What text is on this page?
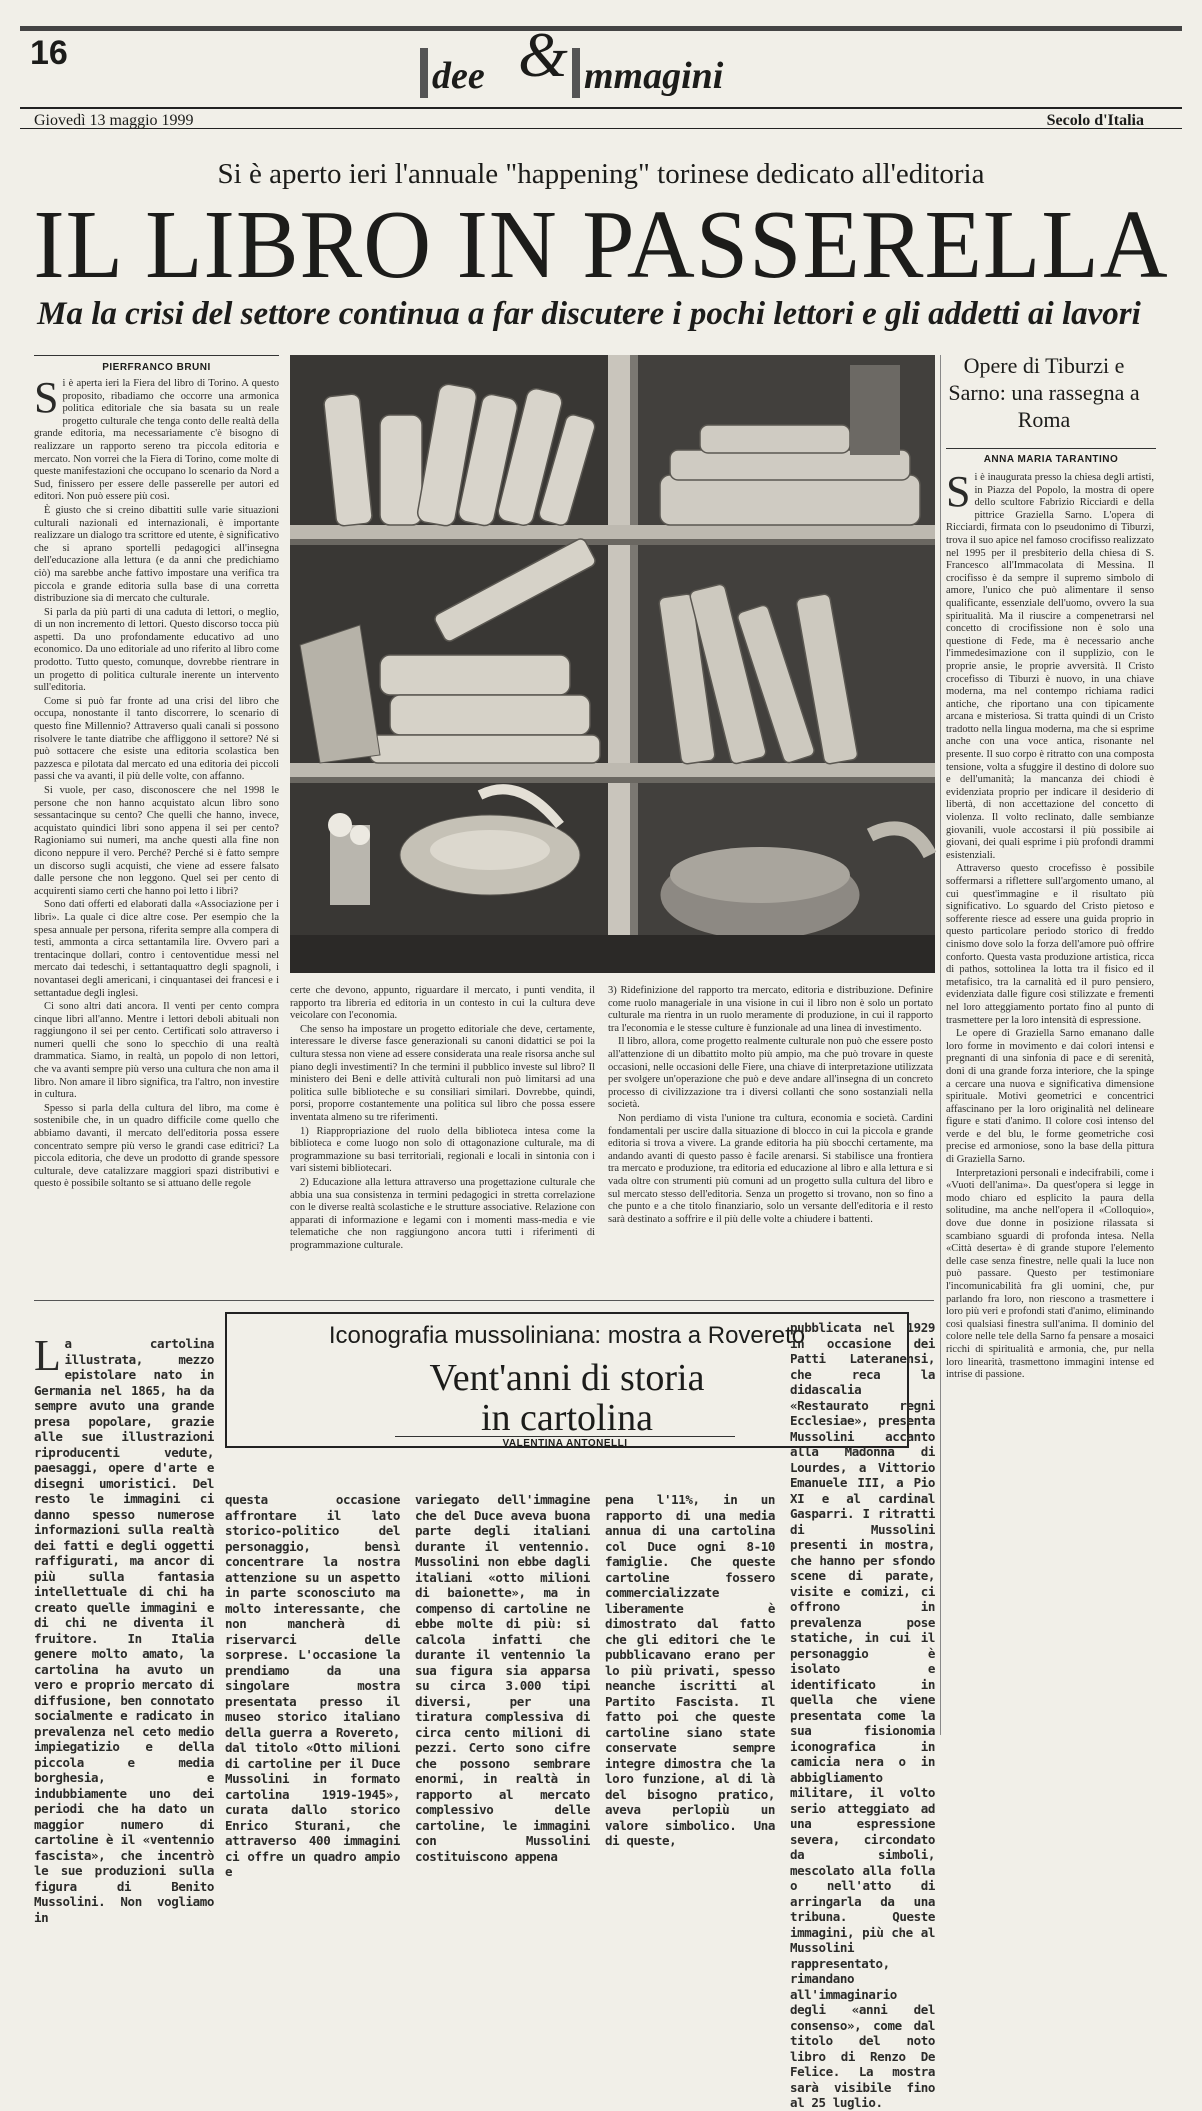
16
dee & mmagini
Giovedì 13 maggio 1999	Secolo d'Italia
Si è aperto ieri l'annuale "happening" torinese dedicato all'editoria
IL LIBRO IN PASSERELLA
Ma la crisi del settore continua a far discutere i pochi lettori e gli addetti ai lavori
PIERFRANCO BRUNI
S i è aperta ieri la Fiera del libro di Torino. A questo proposito, ribadiamo che occorre una armonica politica editoriale che sia basata su un reale progetto culturale che tenga conto delle realtà della grande editoria, ma necessariamente c'è bisogno di realizzare un rapporto sereno tra piccola editoria e mercato. Non vorrei che la Fiera di Torino, come molte di queste manifestazioni che occupano lo scenario da Nord a Sud, finissero per essere delle passerelle per autori ed editori. Non può essere più così.

È giusto che si creino dibattiti sulle varie situazioni culturali nazionali ed internazionali, è importante realizzare un dialogo tra scrittore ed utente, è significativo che si aprano sportelli pedagogici all'insegna dell'educazione alla lettura (e da anni che predichiamo ciò) ma sarebbe anche fattivo impostare una verifica tra piccola e grande editoria sulla base di una corretta distribuzione sia di mercato che culturale.

Si parla da più parti di una caduta di lettori, o meglio, di un non incremento di lettori. Questo discorso tocca più aspetti. Da uno profondamente educativo ad uno economico. Da uno editoriale ad uno riferito al libro come prodotto. Tutto questo, comunque, dovrebbe rientrare in un progetto di politica culturale inerente un intervento sull'editoria.

Come si può far fronte ad una crisi del libro che occupa, nonostante il tanto discorrere, lo scenario di questo fine Millennio? Attraverso quali canali si possono risolvere le tante diatribe che affliggono il settore? Né si può sottacere che esiste una editoria scolastica ben pazzesca e pilotata dal mercato ed una editoria dei piccoli passi che va avanti, il più delle volte, con affanno.

Si vuole, per caso, disconoscere che nel 1998 le persone che non hanno acquistato alcun libro sono sessantacinque su cento? Che quelli che hanno, invece, acquistato quindici libri sono appena il sei per cento? Ragioniamo sui numeri, ma anche questi alla fine non dicono neppure il vero. Perché? Perché si è fatto sempre un discorso sugli acquisti, che viene ad essere falsato dalle persone che non leggono. Quel sei per cento di acquirenti siamo certi che hanno poi letto i libri?

Sono dati offerti ed elaborati dalla «Associazione per i libri». La quale ci dice altre cose. Per esempio che la spesa annuale per persona, riferita sempre alla compera di testi, ammonta a circa settantamila lire. Ovvero pari a trentacinque dollari, contro i centoventidue messi nel mercato dai tedeschi, i settantaquattro degli spagnoli, i novantasei degli americani, i cinquantasei dei francesi e i settantadue degli inglesi.

Ci sono altri dati ancora. Il venti per cento compra cinque libri all'anno. Mentre i lettori deboli abituali non raggiungono il sei per cento. Certificati solo attraverso i numeri quelli che sono lo specchio di una realtà drammatica. Siamo, in realtà, un popolo di non lettori, che va avanti sempre più verso una cultura che non ama il libro. Non amare il libro significa, tra l'altro, non investire in cultura.

Spesso si parla della cultura del libro, ma come è sostenibile che, in un quadro difficile come quello che abbiamo davanti, il mercato dell'editoria possa essere concentrato sempre più verso le grandi case editrici? La piccola editoria, che deve un prodotto di grande spessore culturale, deve catalizzare maggiori spazi distributivi e questo è possibile soltanto se si attuano delle regole

certe che devono, appunto, riguardare il mercato, i punti vendita, il rapporto tra libreria ed editoria in un contesto in cui la cultura deve veicolare con l'economia.

Che senso ha impostare un progetto editoriale che deve, certamente, interessare le diverse fasce generazionali su canoni didattici se poi la cultura stessa non viene ad essere considerata una reale risorsa anche sul piano degli investimenti? In che termini il pubblico investe sul libro? Il ministero dei Beni e delle attività culturali non può limitarsi ad una politica sulle biblioteche e su consiliari similari. Dovrebbe, quindi, porsi, proporre costantemente una politica sul libro che possa essere inventata almeno su tre riferimenti.

1) Riappropriazione del ruolo della biblioteca intesa come la biblioteca e come luogo non solo di ottagonazione culturale, ma di programmazione su basi territoriali, regionali e locali in sintonia con i vari sistemi bibliotecari.

2) Educazione alla lettura attraverso una progettazione culturale che abbia una sua consistenza in termini pedagogici in stretta correlazione con le diverse realtà scolastiche e le strutture associative. Relazione con apparati di informazione e legami con i momenti mass-media e vie telematiche che non raggiungono ancora tutti i riferimenti di programmazione culturale.

3) Ridefinizione del rapporto tra mercato, editoria e distribuzione. Definire come ruolo manageriale in una visione in cui il libro non è solo un portato culturale ma rientra in un ruolo meramente di produzione, in cui il rapporto tra l'economia e le stesse culture è funzionale ad una linea di investimento.

Il libro, allora, come progetto realmente culturale non può che essere posto all'attenzione di un dibattito molto più ampio, ma che può trovare in queste occasioni, nelle occasioni delle Fiere, una chiave di interpretazione utilizzata per svolgere un'operazione che può e deve andare all'insegna di un concreto processo di civilizzazione tra i diversi collanti che sono sostanziali nella società.

Non perdiamo di vista l'unione tra cultura, economia e società. Cardini fondamentali per uscire dalla situazione di blocco in cui la piccola e grande editoria si trova a vivere. La grande editoria ha più sbocchi certamente, ma andando avanti di questo passo è facile arenarsi. Si stabilisce una frontiera tra mercato e produzione, tra editoria ed educazione al libro e alla lettura e si vada oltre con strumenti più comuni ad un progetto sulla cultura del libro e sul mercato stesso dell'editoria. Senza un progetto si trovano, non so fino a che punto e a che titolo finanziario, solo un versante dell'editoria e il resto sarà destinato a soffrire e il più delle volte a chiudere i battenti.

Opere di Tiburzi e Sarno: una rassegna a Roma
ANNA MARIA TARANTINO
S i è inaugurata presso la chiesa degli artisti, in Piazza del Popolo, la mostra di opere dello scultore Fabrizio Ricciardi e della pittrice Graziella Sarno. L'opera di Ricciardi, firmata con lo pseudonimo di Tiburzi, trova il suo apice nel famoso crocifisso realizzato nel 1995 per il presbiterio della chiesa di S. Francesco all'Immacolata di Messina. Il crocifisso è da sempre il supremo simbolo di amore, l'unico che può alimentare il senso qualificante, essenziale dell'uomo, ovvero la sua spiritualità. Ma il riuscire a compenetrarsi nel concetto di crocifissione non è solo una questione di Fede, ma è necessario anche l'immedesimazione con il supplizio, con le proprie ansie, le proprie avversità. Il Cristo crocefisso di Tiburzi è nuovo, in una chiave moderna, ma nel contempo richiama radici antiche, che riportano una con tipicamente arcana e misteriosa. Si tratta quindi di un Cristo tradotto nella lingua moderna, ma che si esprime anche con una voce antica, risonante nel presente. Il suo corpo è ritratto con una composta tensione, volta a sfuggire il destino di dolore suo e dell'umanità; la mancanza dei chiodi è evidenziata proprio per indicare il desiderio di libertà, di non accettazione del concetto di violenza. Il volto reclinato, dalle sembianze giovanili, vuole accostarsi il più possibile ai giovani, dei quali esprime i più profondi drammi esistenziali.

Attraverso questo crocefisso è possibile soffermarsi a riflettere sull'argomento umano, al cui quest'immagine e il risultato più significativo. Lo sguardo del Cristo pietoso e sofferente riesce ad essere una guida proprio in questo particolare periodo storico di freddo cinismo dove solo la forza dell'amore può offrire conforto. Questa vasta produzione artistica, ricca di pathos, sottolinea la lotta tra il fisico ed il metafisico, tra la carnalità ed il puro pensiero, evidenziata dalle figure così stilizzate e frementi nel loro atteggiamento portato fino al punto di trasmettere per la loro intensità di espressione.

Le opere di Graziella Sarno emanano dalle loro forme in movimento e dai colori intensi e pregnanti di una sinfonia di pace e di serenità, doni di una grande forza interiore, che la spinge a cercare una nuova e significativa dimensione spirituale. Motivi geometrici e concentrici affascinano per la loro originalità nel delineare figure e stati d'animo. Il colore così intenso del verde e del blu, le forme geometriche così precise ed armoniose, sono la base della pittura di Graziella Sarno.

Interpretazioni personali e indecifrabili, come i «Vuoti dell'anima». Da quest'opera si legge in modo chiaro ed esplicito la paura della solitudine, ma anche nell'opera il «Colloquio», dove due donne in posizione rilassata si scambiano sguardi di profonda intesa. Nella «Città deserta» è di grande stupore l'elemento delle case senza finestre, nelle quali la luce non può passare. Questo per testimoniare l'incomunicabilità fra gli uomini, che, pur parlando fra loro, non riescono a trasmettere i loro più veri e profondi stati d'animo, eliminando così qualsiasi finestra sull'anima. Il dominio del colore nelle tele della Sarno fa pensare a mosaici ricchi di spiritualità e armonia, che, pur nella loro linearità, trasmettono immagini intense ed intrise di passione.

Iconografia mussoliniana: mostra a Rovereto
Vent'anni di storia
in cartolina
VALENTINA ANTONELLI
L a cartolina illustrata, mezzo epistolare nato in Germania nel 1865, ha da sempre avuto una grande presa popolare, grazie alle sue illustrazioni riproducenti vedute, paesaggi, opere d'arte e disegni umoristici. Del resto le immagini ci danno spesso numerose informazioni sulla realtà dei fatti e degli oggetti raffigurati, ma ancor di più sulla fantasia intellettuale di chi ha creato quelle immagini e di chi ne diventa il fruitore. In Italia genere molto amato, la cartolina ha avuto un vero e proprio mercato di diffusione, ben connotato socialmente e radicato in prevalenza nel ceto medio impiegatizio e della piccola e media borghesia, e indubbiamente uno dei periodi che ha dato un maggior numero di cartoline è il «ventennio fascista», che incentrò le sue produzioni sulla figura di Benito Mussolini. Non vogliamo in

questa occasione affrontare il lato storico-politico del personaggio, bensì concentrare la nostra attenzione su un aspetto in parte sconosciuto ma molto interessante, che non mancherà di riservarci delle sorprese. L'occasione la prendiamo da una singolare mostra presentata presso il museo storico italiano della guerra a Rovereto, dal titolo «Otto milioni di cartoline per il Duce Mussolini in formato cartolina 1919-1945», curata dallo storico Enrico Sturani, che attraverso 400 immagini ci offre un quadro ampio e

variegato dell'immagine che del Duce aveva buona parte degli italiani durante il ventennio. Mussolini non ebbe dagli italiani «otto milioni di baionette», ma in compenso di cartoline ne ebbe molte di più: si calcola infatti che durante il ventennio la sua figura sia apparsa su circa 3.000 tipi diversi, per una tiratura complessiva di circa cento milioni di pezzi. Certo sono cifre che possono sembrare enormi, in realtà in rapporto al mercato complessivo delle cartoline, le immagini con Mussolini costituiscono appena

pena l'11%, in un rapporto di una media annua di una cartolina col Duce ogni 8-10 famiglie. Che queste cartoline fossero commercializzate liberamente è dimostrato dal fatto che gli editori che le pubblicavano erano per lo più privati, spesso neanche iscritti al Partito Fascista. Il fatto poi che queste cartoline siano state conservate sempre integre dimostra che la loro funzione, al di là del bisogno pratico, aveva perlopiù un valore simbolico. Una di queste,

pubblicata nel 1929 in occasione dei Patti Lateranensi, che reca la didascalia «Restaurato regni Ecclesiae», presenta Mussolini accanto alla Madonna di Lourdes, a Vittorio Emanuele III, a Pio XI e al cardinal Gasparri. I ritratti di Mussolini presenti in mostra, che hanno per sfondo scene di parate, visite e comizi, ci offrono in prevalenza pose statiche, in cui il personaggio è isolato e identificato in quella che viene presentata come la sua fisionomia iconografica in camicia nera o in abbigliamento militare, il volto serio atteggiato ad una espressione severa, circondato da simboli, mescolato alla folla o nell'atto di arringarla da una tribuna. Queste immagini, più che al Mussolini rappresentato, rimandano all'immaginario degli «anni del consenso», come dal titolo del noto libro di Renzo De Felice. La mostra sarà visibile fino al 25 luglio.
